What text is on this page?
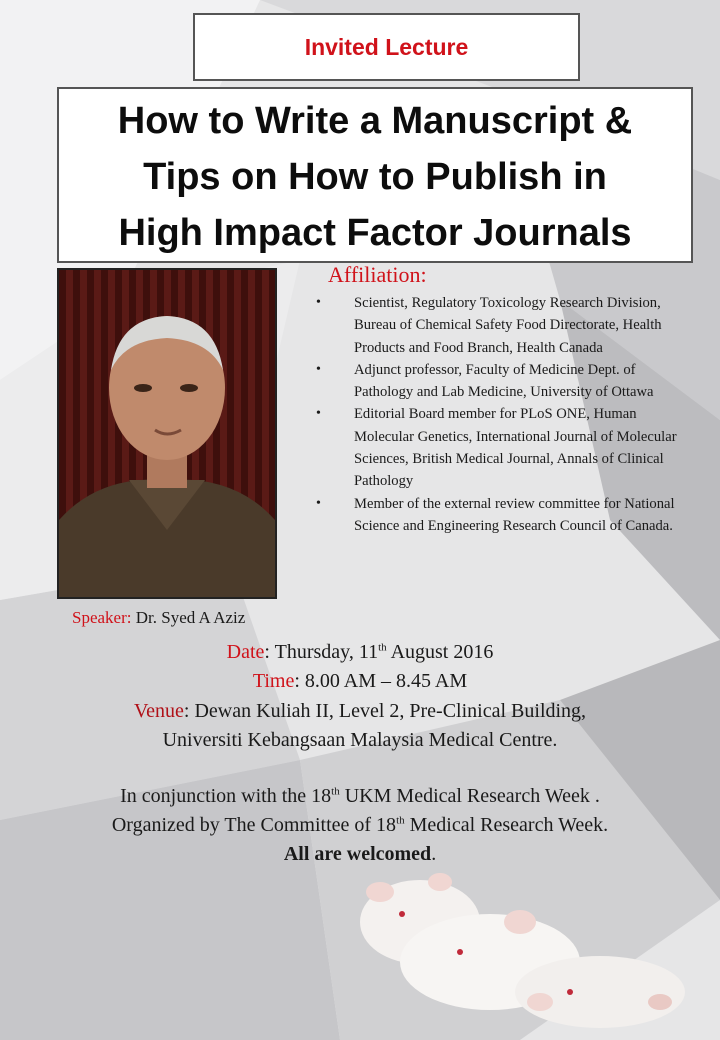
Invited Lecture
How to Write a Manuscript &
Tips on How to Publish in
High Impact Factor Journals
Affiliation:
• Scientist, Regulatory Toxicology Research Division, Bureau of Chemical Safety Food Directorate, Health Products and Food Branch, Health Canada
• Adjunct professor, Faculty of Medicine Dept. of Pathology and Lab Medicine, University of Ottawa
• Editorial Board member for PLoS ONE, Human Molecular Genetics, International Journal of Molecular Sciences, British Medical Journal, Annals of Clinical Pathology
• Member of the external review committee for National Science and Engineering Research Council of Canada.
Speaker: Dr. Syed A Aziz
Date: Thursday, 11th August 2016
Time: 8.00 AM – 8.45 AM
Venue: Dewan Kuliah II, Level 2, Pre-Clinical Building,
Universiti Kebangsaan Malaysia Medical Centre.
In conjunction with the 18th UKM Medical Research Week .
Organized by The Committee of 18th Medical Research Week.
All are welcomed.
